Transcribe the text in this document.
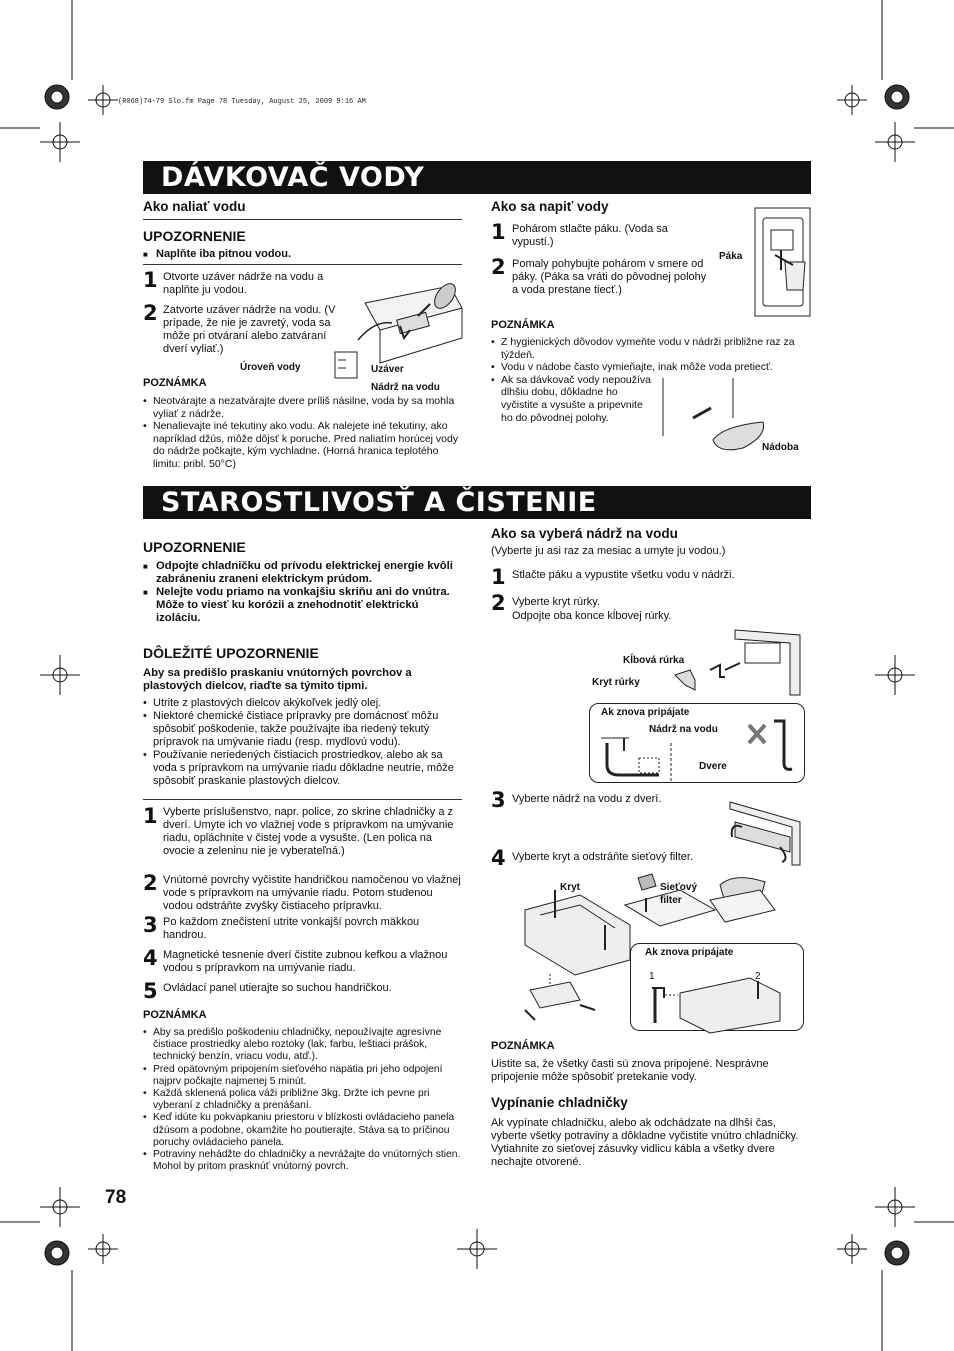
(R068)74-79 Slo.fm Page 78 Tuesday, August 25, 2009 9:16 AM
DÁVKOVAČ VODY
Ako naliať vodu
UPOZORNENIE
■ Naplňte iba pitnou vodou.
1 Otvorte uzáver nádrže na vodu a naplňte ju vodou.
2 Zatvorte uzáver nádrže na vodu. (V prípade, že nie je zavretý, voda sa môže pri otváraní alebo zatváraní dverí vyliať.)
Úroveň vody	Uzáver
Nádrž na vodu
POZNÁMKA
• Neotvárajte a nezatvárajte dvere príliš násilne, voda by sa mohla vyliať z nádrže.
• Nenalievajte iné tekutiny ako vodu. Ak nalejete iné tekutiny, ako napríklad džús, môže dôjsť k poruche. Pred naliatím horúcej vody do nádrže počkajte, kým vychladne. (Horná hranica teplotého limitu: pribl. 50°C)
Ako sa napiť vody
1 Pohárom stlačte páku. (Voda sa vypustí.)
2 Pomaly pohybujte pohárom v smere od páky. (Páka sa vráti do pôvodnej polohy a voda prestane tiecť.)
Páka
POZNÁMKA
• Z hygienických dôvodov vymeňte vodu v nádrži približne raz za týždeň.
• Vodu v nádobe často vymieňajte, inak môže voda pretiecť.
• Ak sa dávkovač vody nepoužíva dlhšiu dobu, dôkladne ho vyčistite a vysušte a pripevnite ho do pôvodnej polohy.
Nádoba
STAROSTLIVOSŤ A ČISTENIE
UPOZORNENIE
■ Odpojte chladničku od prívodu elektrickej energie kvôli zabráneniu zraneni elektrickym prúdom.
■ Nelejte vodu priamo na vonkajšiu skriňu ani do vnútra. Môže to viesť ku korózii a znehodnotiť elektrickú izoláciu.
DÔLEŽITÉ UPOZORNENIE
Aby sa predišlo praskaniu vnútorných povrchov a plastových dielcov, riaďte sa týmito tipmi.
• Utrite z plastových dielcov akýkoľvek jedlý olej.
• Niektoré chemické čistiace prípravky pre domácnosť môžu spôsobiť poškodenie, takže používajte iba riedený tekutý prípravok na umývanie riadu (resp. mydlovú vodu).
• Používanie neriedených čistiacich prostriedkov, alebo ak sa voda s prípravkom na umývanie riadu dôkladne neutrie, môže spôsobiť praskanie plastových dielcov.
1 Vyberte príslušenstvo, napr. police, zo skrine chladničky a z dverí. Umyte ich vo vlažnej vode s prípravkom na umývanie riadu, opláchnite v čistej vode a vysušte. (Len polica na ovocie a zeleninu nie je vyberateľná.)
2 Vnútorné povrchy vyčistite handričkou namočenou vo vlažnej vode s prípravkom na umývanie riadu. Potom studenou vodou odstráňte zvyšky čistiaceho prípravku.
3 Po každom znečistení utrite vonkajší povrch mäkkou handrou.
4 Magnetické tesnenie dverí čistite zubnou kefkou a vlažnou vodou s prípravkom na umývanie riadu.
5 Ovládací panel utierajte so suchou handričkou.
POZNÁMKA
• Aby sa predišlo poškodeniu chladničky, nepoužívajte agresívne čistiace prostriedky alebo roztoky (lak, farbu, leštiaci prášok, technický benzín, vriacu vodu, atď.).
• Pred opätovným pripojením sieťového napätia pri jeho odpojení najprv počkajte najmenej 5 minút.
• Každá sklenená polica váži približne 3kg. Držte ich pevne pri vyberaní z chladničky a prenášaní.
• Keď idúte ku pokvapkaniu priestoru v blízkosti ovládacieho panela džúsom a podobne, okamžite ho poutierajte. Stáva sa to príčinou poruchy ovládacieho panela.
• Potraviny nehádžte do chladničky a nevrážajte do vnútorných stien. Mohol by pritom prasknúť vnútorný povrch.
Ako sa vyberá nádrž na vodu
(Vyberte ju asi raz za mesiac a umyte ju vodou.)
1 Stlačte páku a vypustite všetku vodu v nádrži.
2 Vyberte kryt rúrky.
Odpojte oba konce kĺbovej rúrky.
Kĺbová rúrka
Kryt rúrky
Ak znova pripájate
Nádrž na vodu
Dvere
3 Vyberte nádrž na vodu z dverí.
4 Vyberte kryt a odstráňte sieťový filter.
Kryt	Sieťový filter
Ak znova pripájate
1	2
POZNÁMKA
Uistite sa, že všetky časti sú znova pripojené. Nesprávne pripojenie môže spôsobiť pretekanie vody.
Vypínanie chladničky
Ak vypínate chladničku, alebo ak odchádzate na dlhší čas, vyberte všetky potraviny a dôkladne vyčistite vnútro chladničky. Vytiahnite zo sieťovej zásuvky vidlicu kábla a všetky dvere nechajte otvorené.
78
